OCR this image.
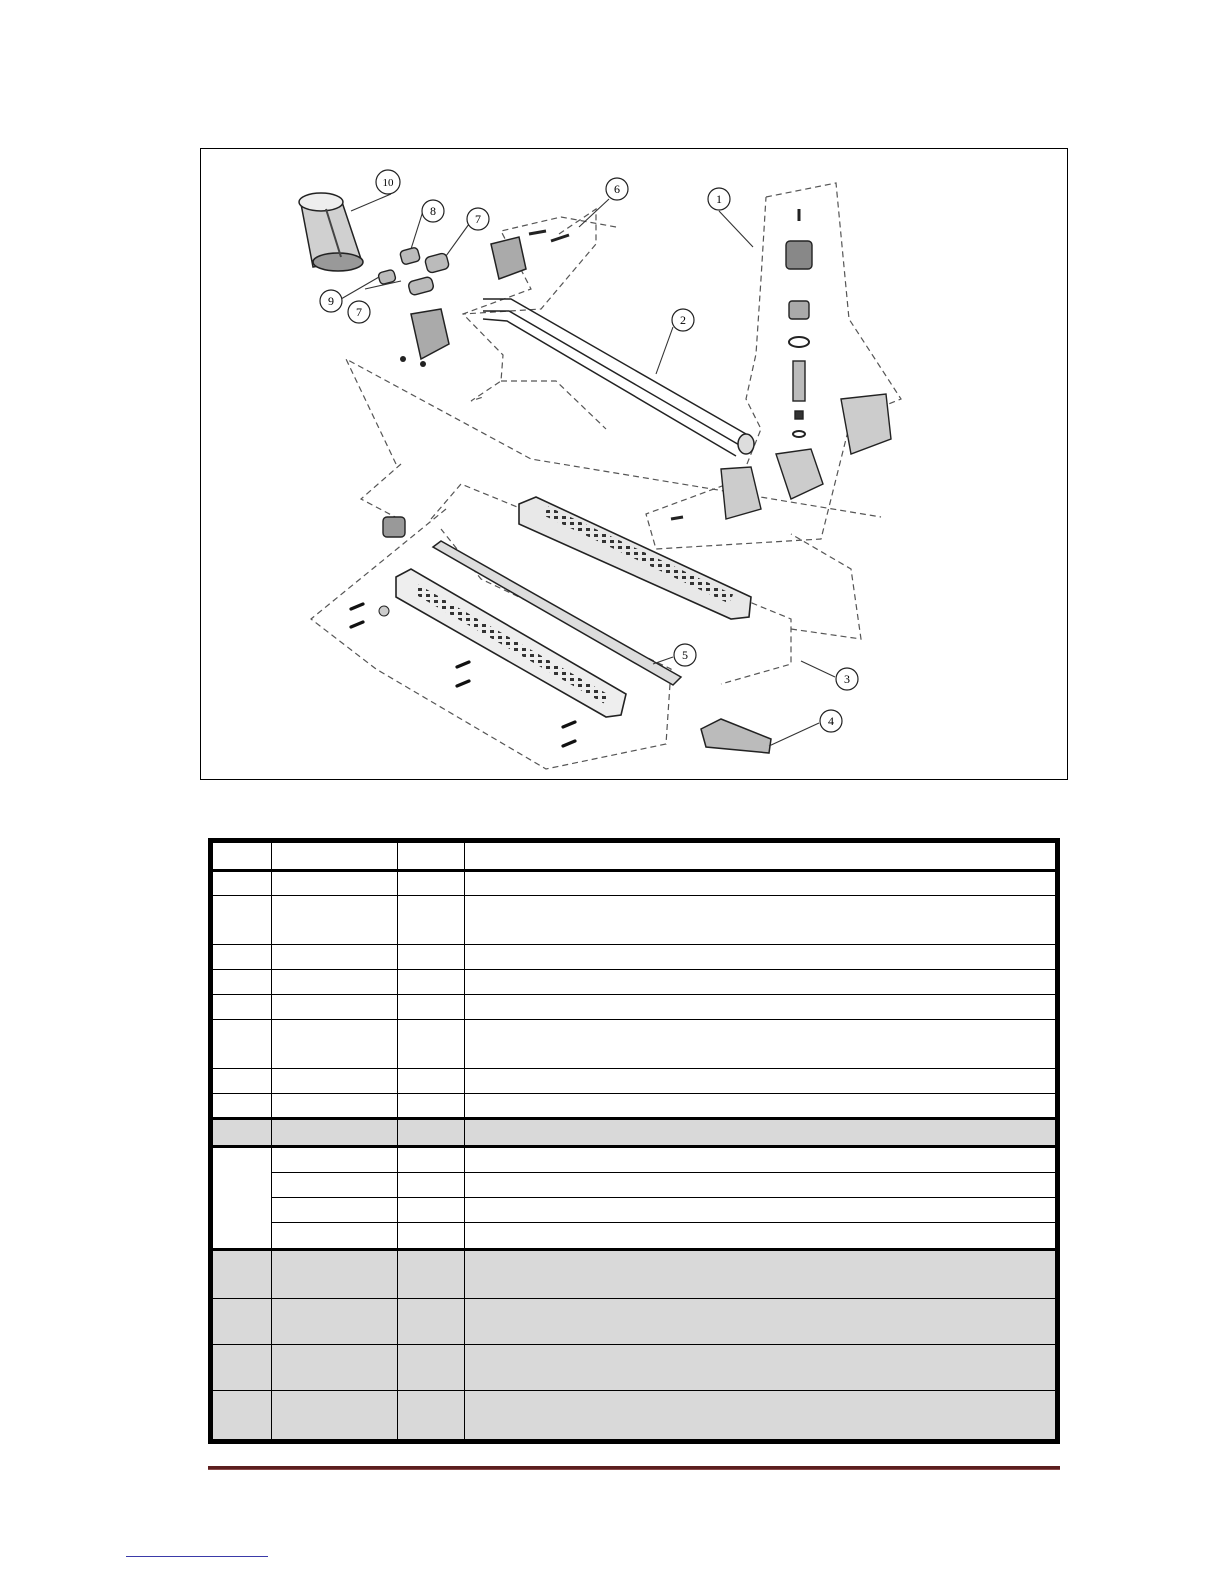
1
2
3
4
5
6
7
7
8
9
10
